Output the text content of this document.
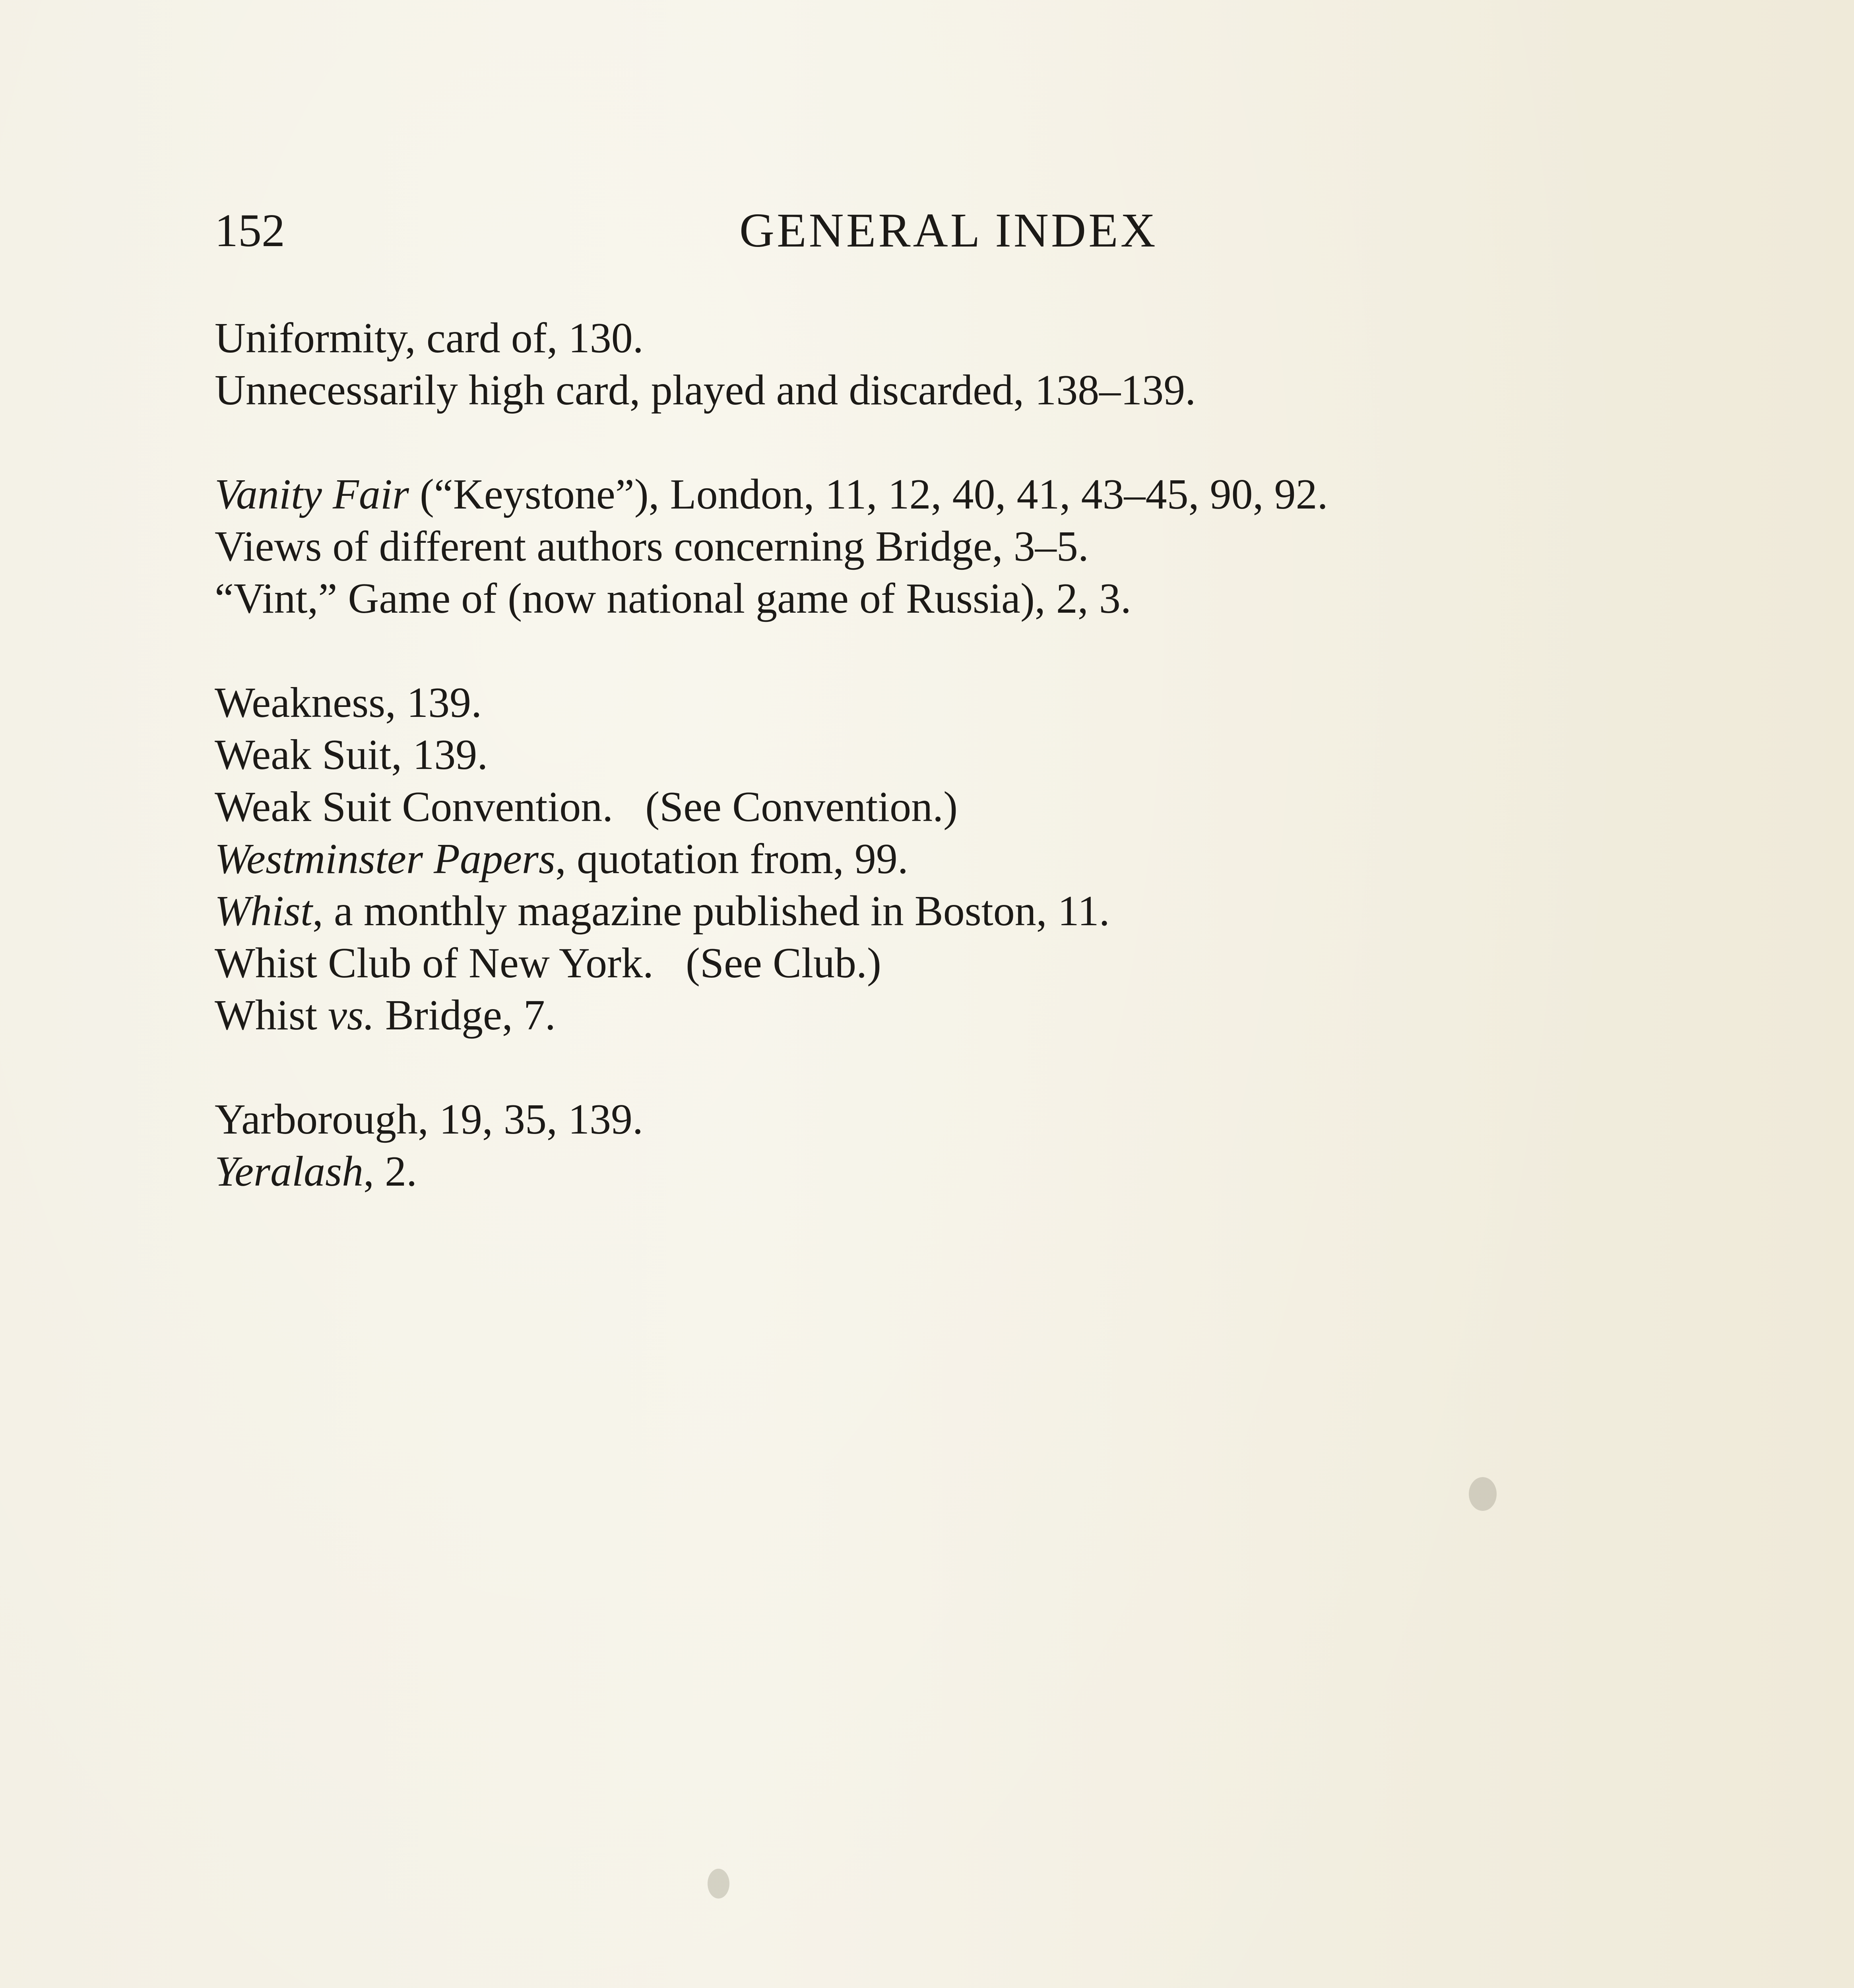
152	GENERAL INDEX
Uniformity, card of, 130.
Unnecessarily high card, played and discarded, 138–139.
Vanity Fair (“Keystone”), London, 11, 12, 40, 41, 43–45, 90, 92.
Views of different authors concerning Bridge, 3–5.
“Vint,” Game of (now national game of Russia), 2, 3.
Weakness, 139.
Weak Suit, 139.
Weak Suit Convention.   (See Convention.)
Westminster Papers, quotation from, 99.
Whist, a monthly magazine published in Boston, 11.
Whist Club of New York.   (See Club.)
Whist vs. Bridge, 7.
Yarborough, 19, 35, 139.
Yeralash, 2.
